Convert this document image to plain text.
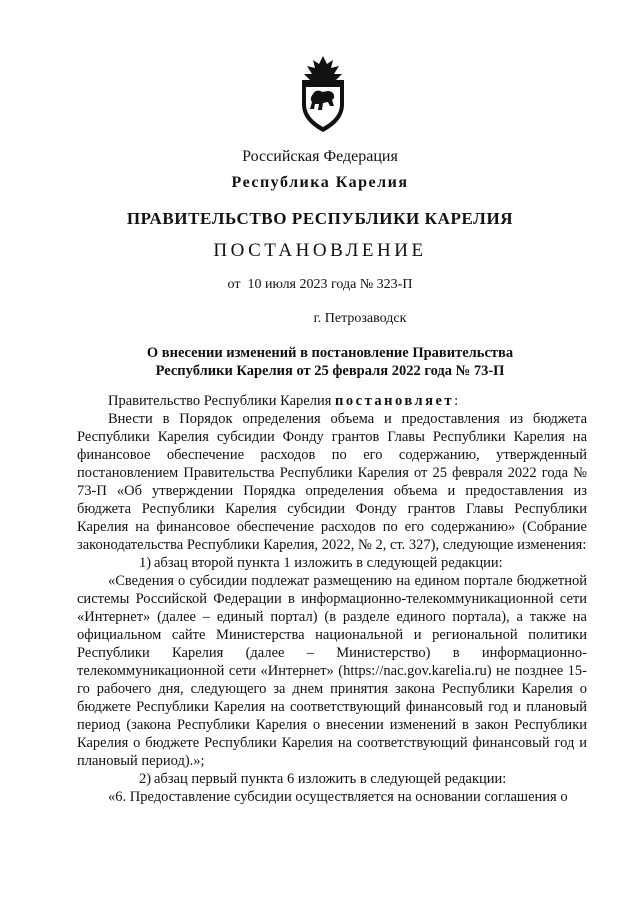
Российская Федерация
Республика Карелия
ПРАВИТЕЛЬСТВО РЕСПУБЛИКИ КАРЕЛИЯ
ПОСТАНОВЛЕНИЕ
от  10 июля 2023 года № 323-П
г. Петрозаводск
О внесении изменений в постановление Правительства
Республики Карелия от 25 февраля 2022 года № 73-П

Правительство Республики Карелия постановляет:

Внести в Порядок определения объема и предоставления из бюджета Республики Карелия субсидии Фонду грантов Главы Республики Карелия на финансовое обеспечение расходов по его содержанию, утвержденный постановлением Правительства Республики Карелия от 25 февраля 2022 года № 73-П «Об утверждении Порядка определения объема и предоставления из бюджета Республики Карелия субсидии Фонду грантов Главы Республики Карелия на финансовое обеспечение расходов по его содержанию» (Собрание законодательства Республики Карелия, 2022, № 2, ст. 327), следующие изменения:

1) абзац второй пункта 1 изложить в следующей редакции:

«Сведения о субсидии подлежат размещению на едином портале бюджетной системы Российской Федерации в информационно-телекоммуникационной сети «Интернет» (далее – единый портал) (в разделе единого портала), а также на официальном сайте Министерства национальной и региональной политики Республики Карелия (далее – Министерство) в информационно-телекоммуникационной сети «Интернет» (https://nac.gov.karelia.ru) не позднее 15-го рабочего дня, следующего за днем принятия закона Республики Карелия о бюджете Республики Карелия на соответствующий финансовый год и плановый период (закона Республики Карелия о внесении изменений в закон Республики Карелия о бюджете Республики Карелия на соответствующий финансовый год и плановый период).»;

2) абзац первый пункта 6 изложить в следующей редакции:

«6. Предоставление субсидии осуществляется на основании соглашения о
